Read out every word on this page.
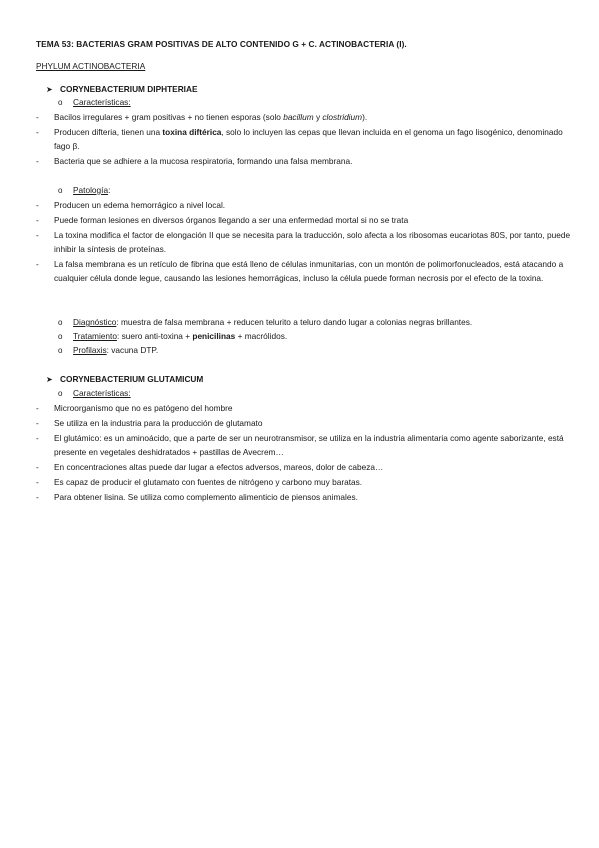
TEMA 53: BACTERIAS GRAM POSITIVAS DE ALTO CONTENIDO G + C. ACTINOBACTERIA (I).
PHYLUM ACTINOBACTERIA
➤ CORYNEBACTERIUM DIPHTERIAE
o Características:
- Bacilos irregulares + gram positivas + no tienen esporas (solo bacillum y clostridium).
- Producen difteria, tienen una toxina diftérica, solo lo incluyen las cepas que llevan incluida en el genoma un fago lisogénico, denominado fago β.
- Bacteria que se adhiere a la mucosa respiratoria, formando una falsa membrana.
o Patología:
- Producen un edema hemorrágico a nivel local.
- Puede forman lesiones en diversos órganos llegando a ser una enfermedad mortal si no se trata
- La toxina modifica el factor de elongación II que se necesita para la traducción, solo afecta a los ribosomas eucariotas 80S, por tanto, puede inhibir la síntesis de proteínas.
- La falsa membrana es un retículo de fibrina que está lleno de células inmunitarias, con un montón de polimorfonucleados, está atacando a cualquier célula donde legue, causando las lesiones hemorrágicas, incluso la célula puede forman necrosis por el efecto de la toxina.
o Diagnóstico: muestra de falsa membrana + reducen telurito a teluro dando lugar a colonias negras brillantes.
o Tratamiento: suero anti-toxina + penicilinas + macrólidos.
o Profilaxis: vacuna DTP.
➤ CORYNEBACTERIUM GLUTAMICUM
o Características:
- Microorganismo que no es patógeno del hombre
- Se utiliza en la industria para la producción de glutamato
- El glutámico: es un aminoácido, que a parte de ser un neurotransmisor, se utiliza en la industria alimentaria como agente saborizante, está presente en vegetales deshidratados + pastillas de Avecrem…
- En concentraciones altas puede dar lugar a efectos adversos, mareos, dolor de cabeza…
- Es capaz de producir el glutamato con fuentes de nitrógeno y carbono muy baratas.
- Para obtener lisina. Se utiliza como complemento alimenticio de piensos animales.
